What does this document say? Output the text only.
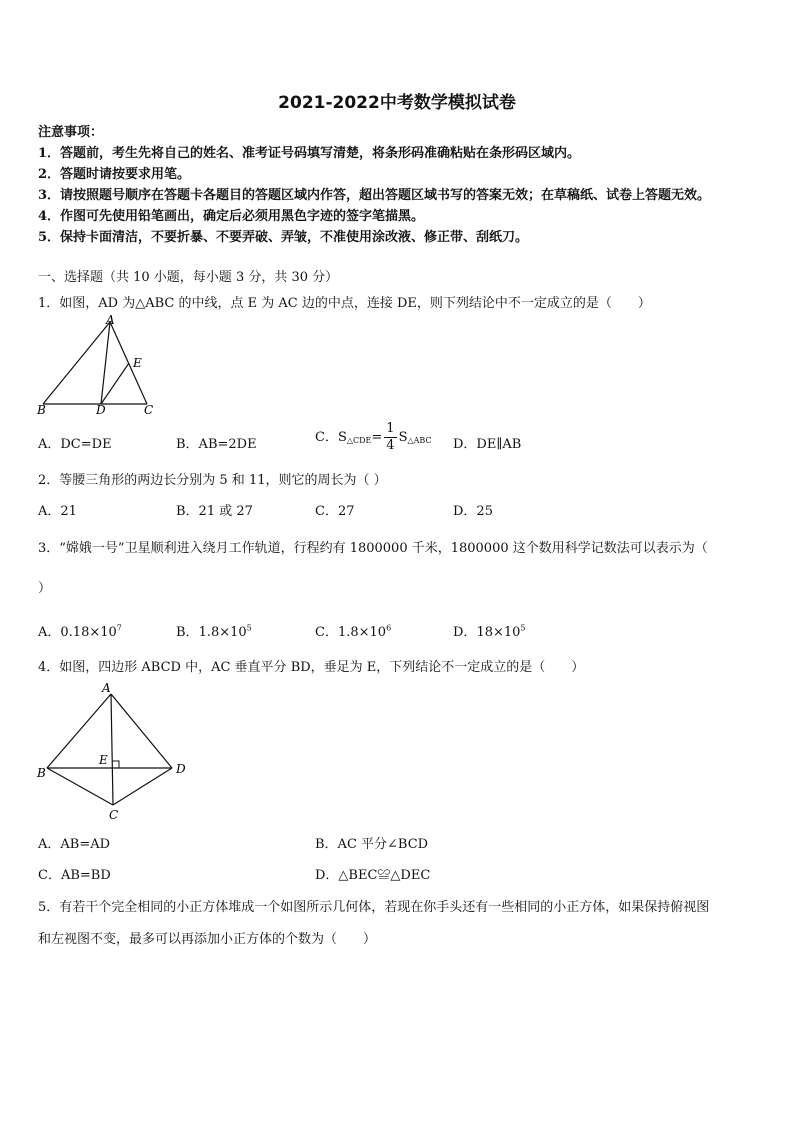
2021-2022中考数学模拟试卷
注意事项：
1．答题前，考生先将自己的姓名、准考证号码填写清楚，将条形码准确粘贴在条形码区域内。
2．答题时请按要求用笔。
3．请按照题号顺序在答题卡各题目的答题区域内作答，超出答题区域书写的答案无效；在草稿纸、试卷上答题无效。
4．作图可先使用铅笔画出，确定后必须用黑色字迹的签字笔描黑。
5．保持卡面清洁，不要折暴、不要弄破、弄皱，不准使用涂改液、修正带、刮纸刀。
一、选择题（共 10 小题，每小题 3 分，共 30 分）
1．如图，AD 为△ABC 的中线，点 E 为 AC 边的中点，连接 DE，则下列结论中不一定成立的是（　　）
A
B	C
D
E
A．DC=DE	B．AB=2DE	C．$S_{\triangle CDE}= \frac{1}{4} S_{\triangle ABC}$ D．DE∥AB
2．等腰三角形的两边长分别为 5 和 11，则它的周长为（ ）
A．21	B．21 或 27	C．27	D．25
3．“嫦娥一号”卫星顺利进入绕月工作轨道，行程约有 1800000 千米，1800000 这个数用科学记数法可以表示为（
）
A．$0.18\times 10^7$	B．$1.8\times 10^5$	C．$1.8\times 10^6$	D．$18\times 10^5$
4．如图，四边形 ABCD 中，AC 垂直平分 BD，垂足为 E，下列结论不一定成立的是（　　）
A
B
C
D
E
A．AB=AD	B．AC 平分∠BCD
C．AB=BD	D．△BEC≌△DEC
5．有若干个完全相同的小正方体堆成一个如图所示几何体，若现在你手头还有一些相同的小正方体，如果保持俯视图
和左视图不变，最多可以再添加小正方体的个数为（　　）
